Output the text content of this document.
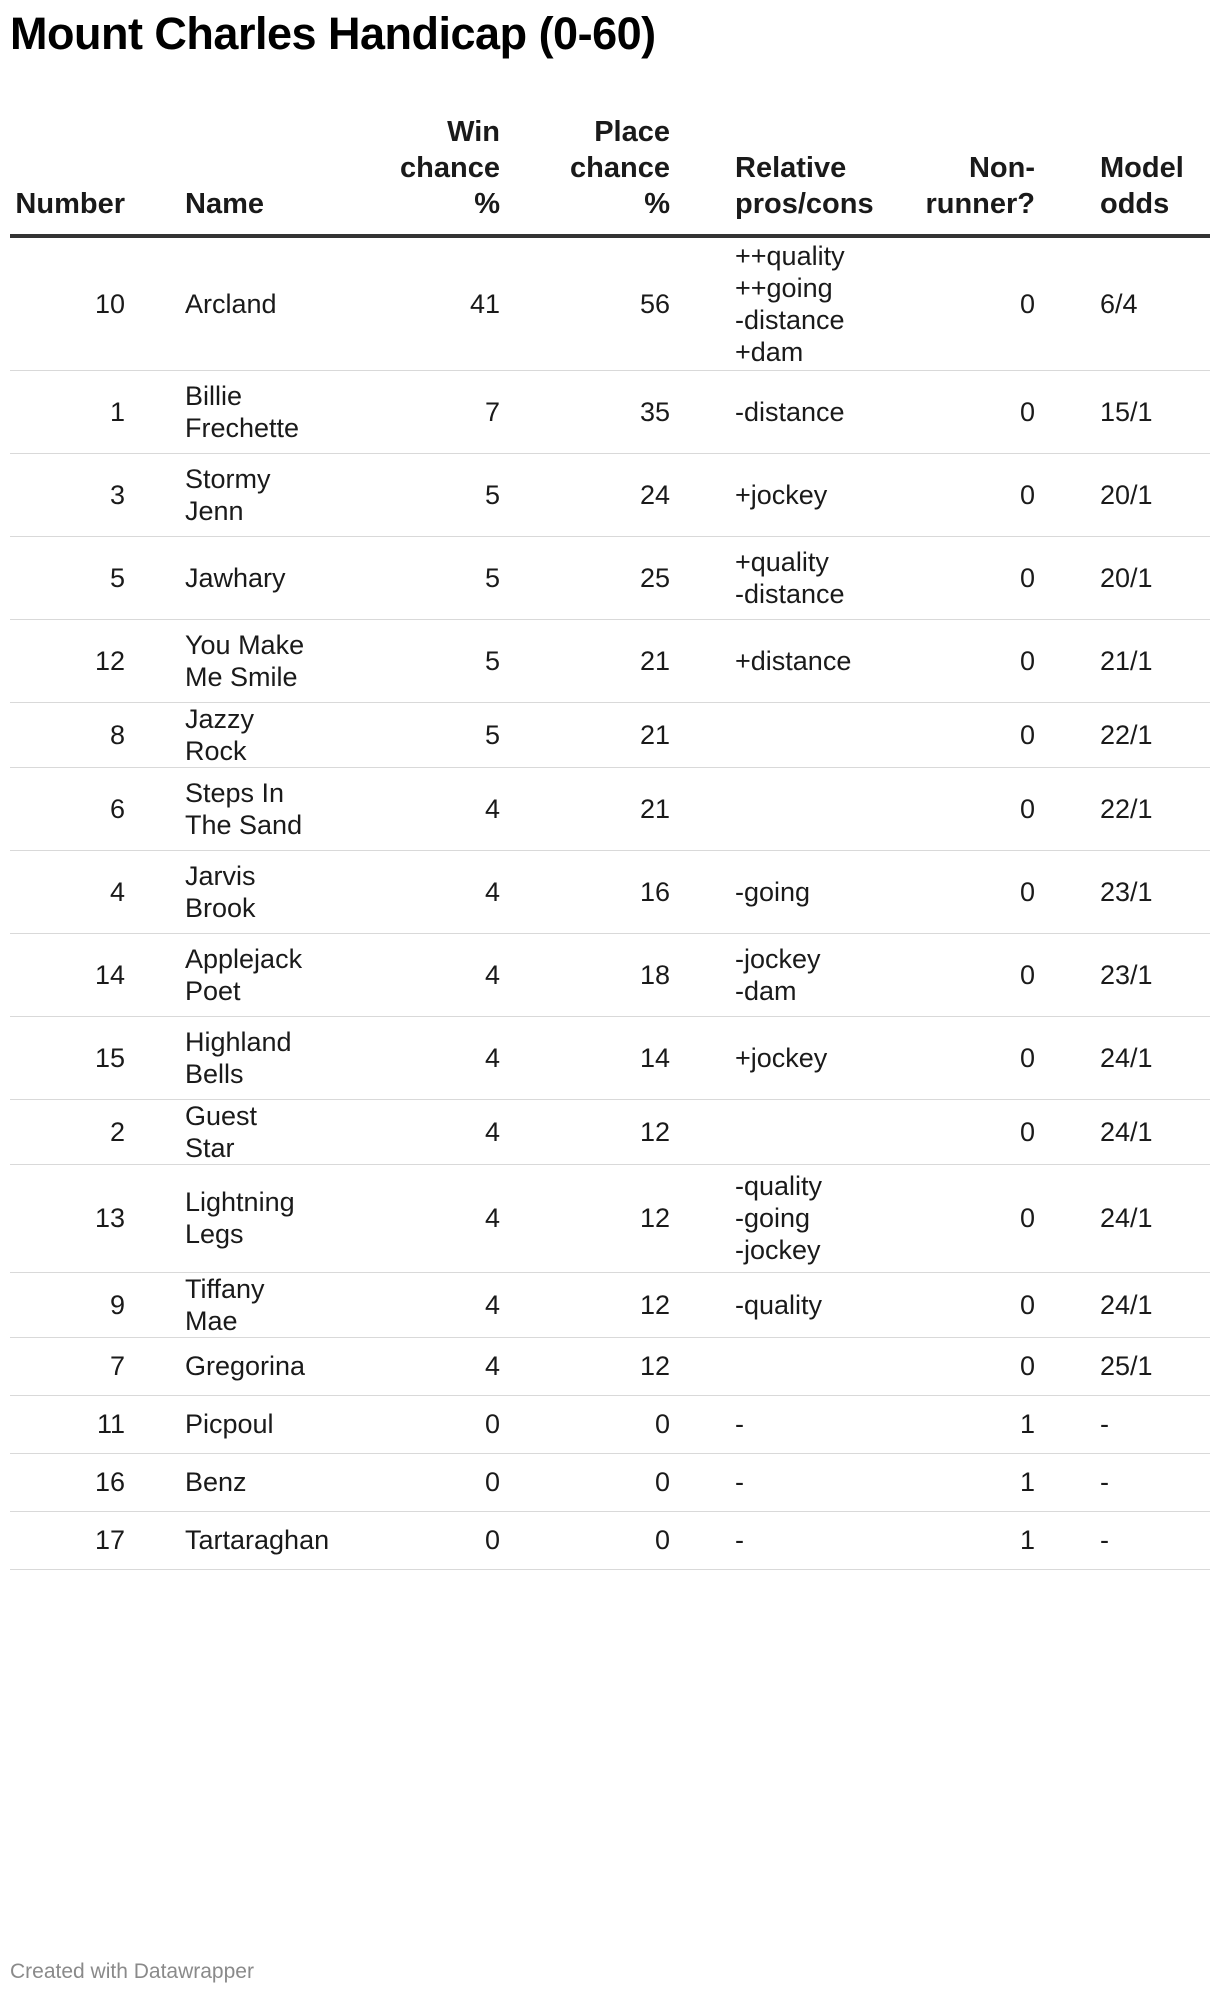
Mount Charles Handicap (0-60)
Number	Name	Win
chance
%	Place
chance
%	Relative
pros/cons	Non-
runner?	Model
odds
10	Arcland	41	56	++quality
++going
-distance
+dam	0	6/4
1	Billie
Frechette	7	35	-distance	0	15/1
3	Stormy
Jenn	5	24	+jockey	0	20/1
5	Jawhary	5	25	+quality
-distance	0	20/1
12	You Make
Me Smile	5	21	+distance	0	21/1
8	Jazzy Rock	5	21		0	22/1
6	Steps In
The Sand	4	21		0	22/1
4	Jarvis
Brook	4	16	-going	0	23/1
14	Applejack
Poet	4	18	-jockey
-dam	0	23/1
15	Highland
Bells	4	14	+jockey	0	24/1
2	Guest Star	4	12		0	24/1
13	Lightning
Legs	4	12	-quality
-going
-jockey	0	24/1
9	Tiffany Mae	4	12	-quality	0	24/1
7	Gregorina	4	12		0	25/1
11	Picpoul	0	0	-	1	-
16	Benz	0	0	-	1	-
17	Tartaraghan	0	0	-	1	-
Created with Datawrapper
